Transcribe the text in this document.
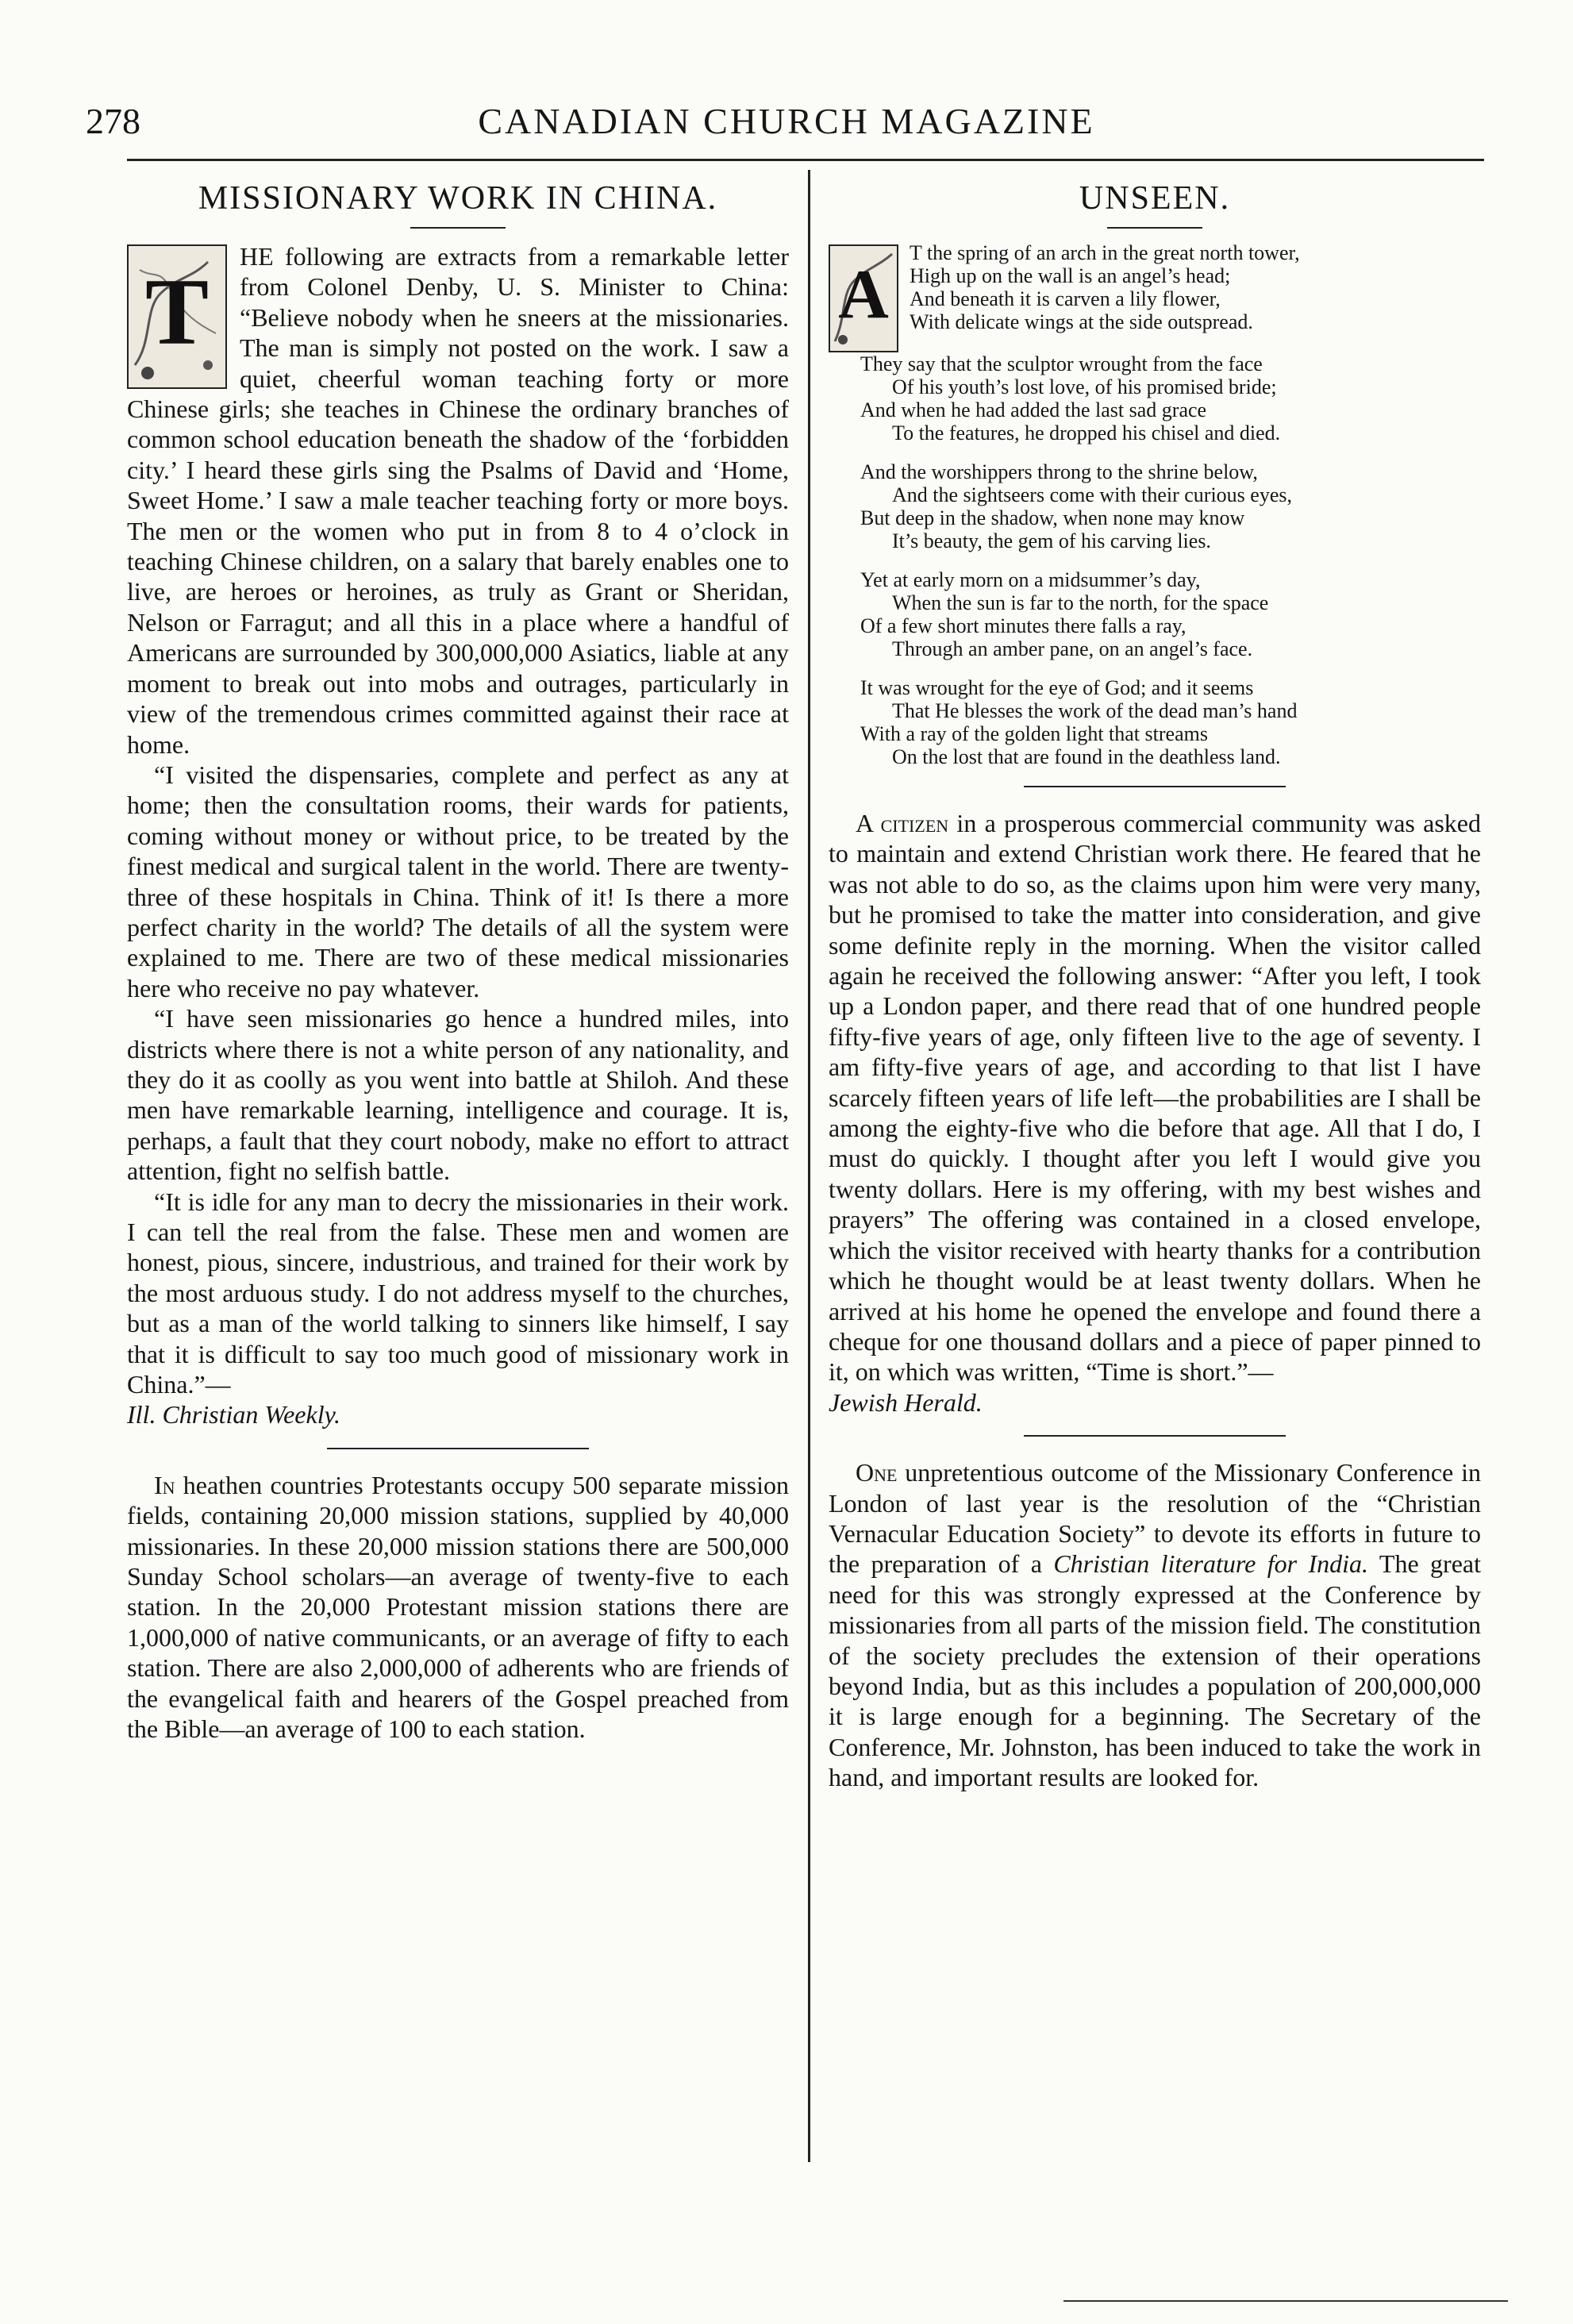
278	CANADIAN CHURCH MAGAZINE
MISSIONARY WORK IN CHINA.
T

HE following are extracts from a remarkable letter from Colonel Denby, U. S. Minister to China: “Believe nobody when he sneers at the missionaries. The man is simply not posted on the work. I saw a quiet, cheerful woman teaching forty or more Chinese girls; she teaches in Chinese the ordinary branches of common school education beneath the shadow of the ‘forbidden city.’ I heard these girls sing the Psalms of David and ‘Home, Sweet Home.’ I saw a male teacher teaching forty or more boys. The men or the women who put in from 8 to 4 o’clock in teaching Chinese children, on a salary that barely enables one to live, are heroes or heroines, as truly as Grant or Sheridan, Nelson or Farragut; and all this in a place where a handful of Americans are surrounded by 300,000,000 Asiatics, liable at any moment to break out into mobs and outrages, particularly in view of the tremendous crimes committed against their race at home.

“I visited the dispensaries, complete and perfect as any at home; then the consultation rooms, their wards for patients, coming without money or without price, to be treated by the finest medical and surgical talent in the world. There are twenty-three of these hospitals in China. Think of it! Is there a more perfect charity in the world? The details of all the system were explained to me. There are two of these medical missionaries here who receive no pay whatever.

“I have seen missionaries go hence a hundred miles, into districts where there is not a white person of any nationality, and they do it as coolly as you went into battle at Shiloh. And these men have remarkable learning, intelligence and courage. It is, perhaps, a fault that they court nobody, make no effort to attract attention, fight no selfish battle.

“It is idle for any man to decry the missionaries in their work. I can tell the real from the false. These men and women are honest, pious, sincere, industrious, and trained for their work by the most arduous study. I do not address myself to the churches, but as a man of the world talking to sinners like himself, I say that it is difficult to say too much good of missionary work in China.”—
Ill. Christian Weekly.

In heathen countries Protestants occupy 500 separate mission fields, containing 20,000 mission stations, supplied by 40,000 missionaries. In these 20,000 mission stations there are 500,000 Sunday School scholars—an average of twenty-five to each station. In the 20,000 Protestant mission stations there are 1,000,000 of native communicants, or an average of fifty to each station. There are also 2,000,000 of adherents who are friends of the evangelical faith and hearers of the Gospel preached from the Bible—an average of 100 to each station.

UNSEEN.
A
T the spring of an arch in the great north tower,
High up on the wall is an angel’s head;
And beneath it is carven a lily flower,
With delicate wings at the side outspread.
They say that the sculptor wrought from the face
Of his youth’s lost love, of his promised bride;
And when he had added the last sad grace
To the features, he dropped his chisel and died.
And the worshippers throng to the shrine below,
And the sightseers come with their curious eyes,
But deep in the shadow, when none may know
It’s beauty, the gem of his carving lies.
Yet at early morn on a midsummer’s day,
When the sun is far to the north, for the space
Of a few short minutes there falls a ray,
Through an amber pane, on an angel’s face.
It was wrought for the eye of God; and it seems
That He blesses the work of the dead man’s hand
With a ray of the golden light that streams
On the lost that are found in the deathless land.

A citizen in a prosperous commercial community was asked to maintain and extend Christian work there. He feared that he was not able to do so, as the claims upon him were very many, but he promised to take the matter into consideration, and give some definite reply in the morning. When the visitor called again he received the following answer: “After you left, I took up a London paper, and there read that of one hundred people fifty-five years of age, only fifteen live to the age of seventy. I am fifty-five years of age, and according to that list I have scarcely fifteen years of life left—the probabilities are I shall be among the eighty-five who die before that age. All that I do, I must do quickly. I thought after you left I would give you twenty dollars. Here is my offering, with my best wishes and prayers” The offering was contained in a closed envelope, which the visitor received with hearty thanks for a contribution which he thought would be at least twenty dollars. When he arrived at his home he opened the envelope and found there a cheque for one thousand dollars and a piece of paper pinned to it, on which was written, “Time is short.”—
Jewish Herald.

One unpretentious outcome of the Missionary Conference in London of last year is the resolution of the “Christian Vernacular Education Society” to devote its efforts in future to the preparation of a Christian literature for India. The great need for this was strongly expressed at the Conference by missionaries from all parts of the mission field. The constitution of the society precludes the extension of their operations beyond India, but as this includes a population of 200,000,000 it is large enough for a beginning. The Secretary of the Conference, Mr. Johnston, has been induced to take the work in hand, and important results are looked for.
